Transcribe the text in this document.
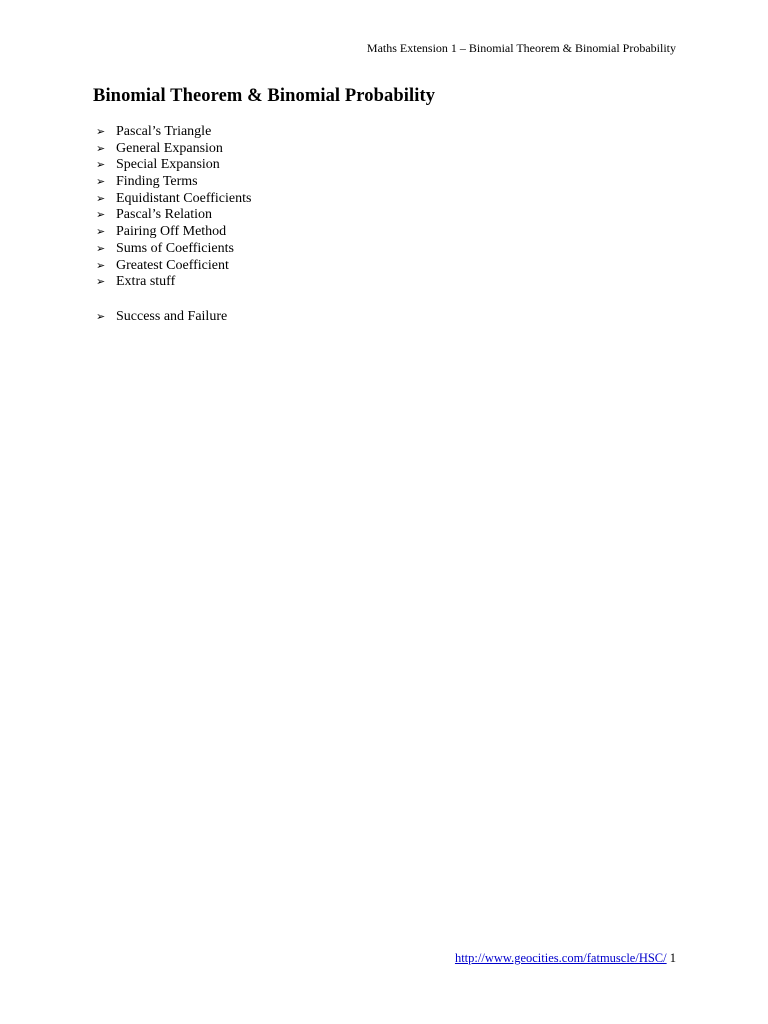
Maths Extension 1 – Binomial Theorem & Binomial Probability
Binomial Theorem & Binomial Probability
➢ Pascal’s Triangle
➢ General Expansion
➢ Special Expansion
➢ Finding Terms
➢ Equidistant Coefficients
➢ Pascal’s Relation
➢ Pairing Off Method
➢ Sums of Coefficients
➢ Greatest Coefficient
➢ Extra stuff
➢ Success and Failure
http://www.geocities.com/fatmuscle/HSC/ 1
